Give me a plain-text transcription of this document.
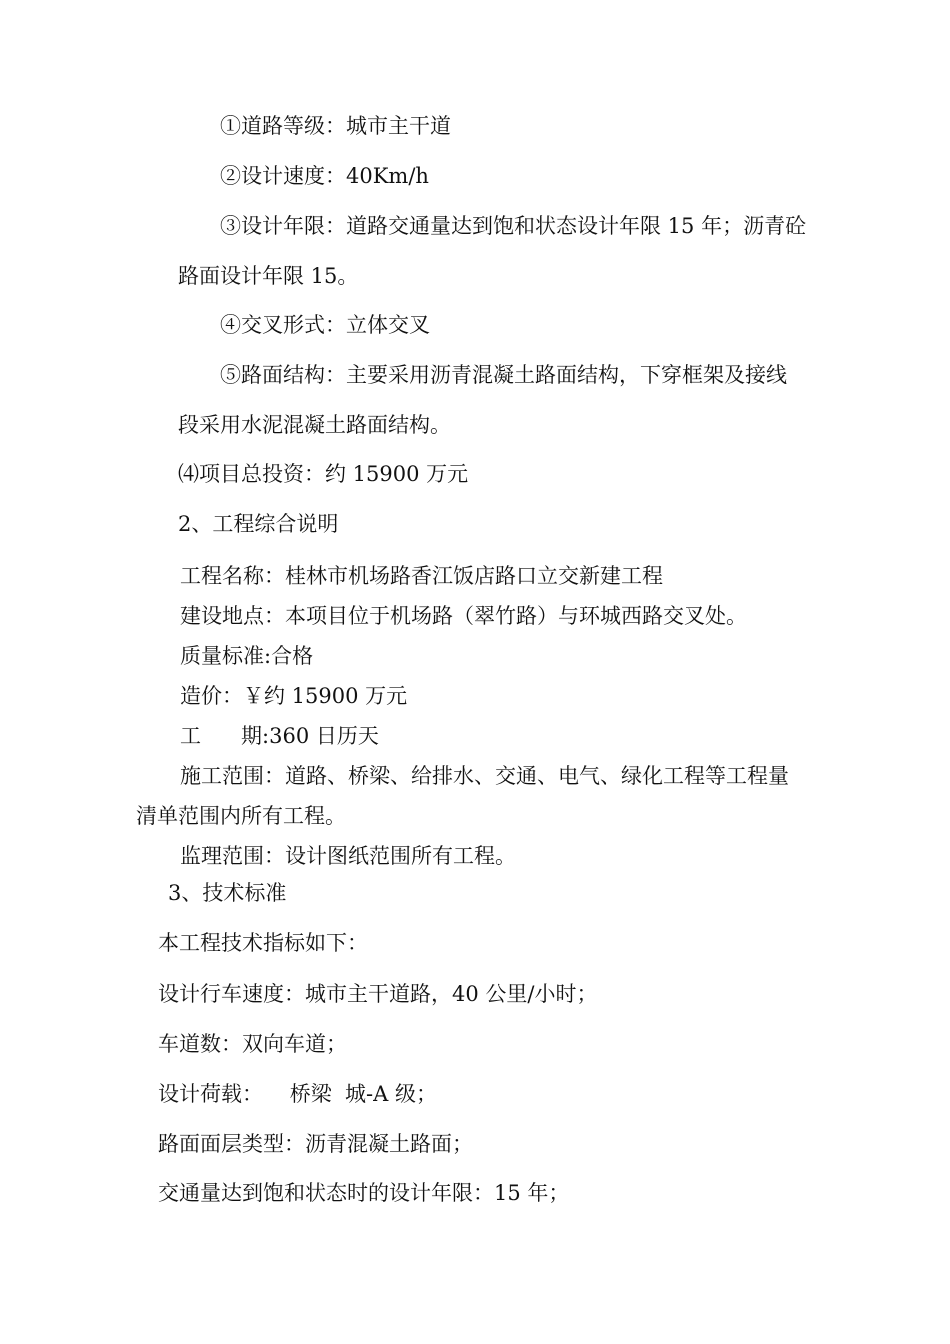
①道路等级：城市主干道

②设计速度：40Km/h

③设计年限：道路交通量达到饱和状态设计年限 15 年；沥青砼

路面设计年限 15。

④交叉形式：立体交叉

⑤路面结构：主要采用沥青混凝土路面结构，下穿框架及接线

段采用水泥混凝土路面结构。

⑷项目总投资：约 15900 万元

2、工程综合说明

工程名称：桂林市机场路香江饭店路口立交新建工程

建设地点：本项目位于机场路（翠竹路）与环城西路交叉处。

质量标准:合格

造价：￥约 15900 万元

工      期:360 日历天

施工范围：道路、桥梁、给排水、交通、电气、绿化工程等工程量

清单范围内所有工程。

监理范围：设计图纸范围所有工程。

3、技术标准

本工程技术指标如下：

设计行车速度：城市主干道路，40 公里/小时；

车道数：双向车道；

设计荷载：    桥梁  城-A 级；

路面面层类型：沥青混凝土路面；

交通量达到饱和状态时的设计年限：15 年；
